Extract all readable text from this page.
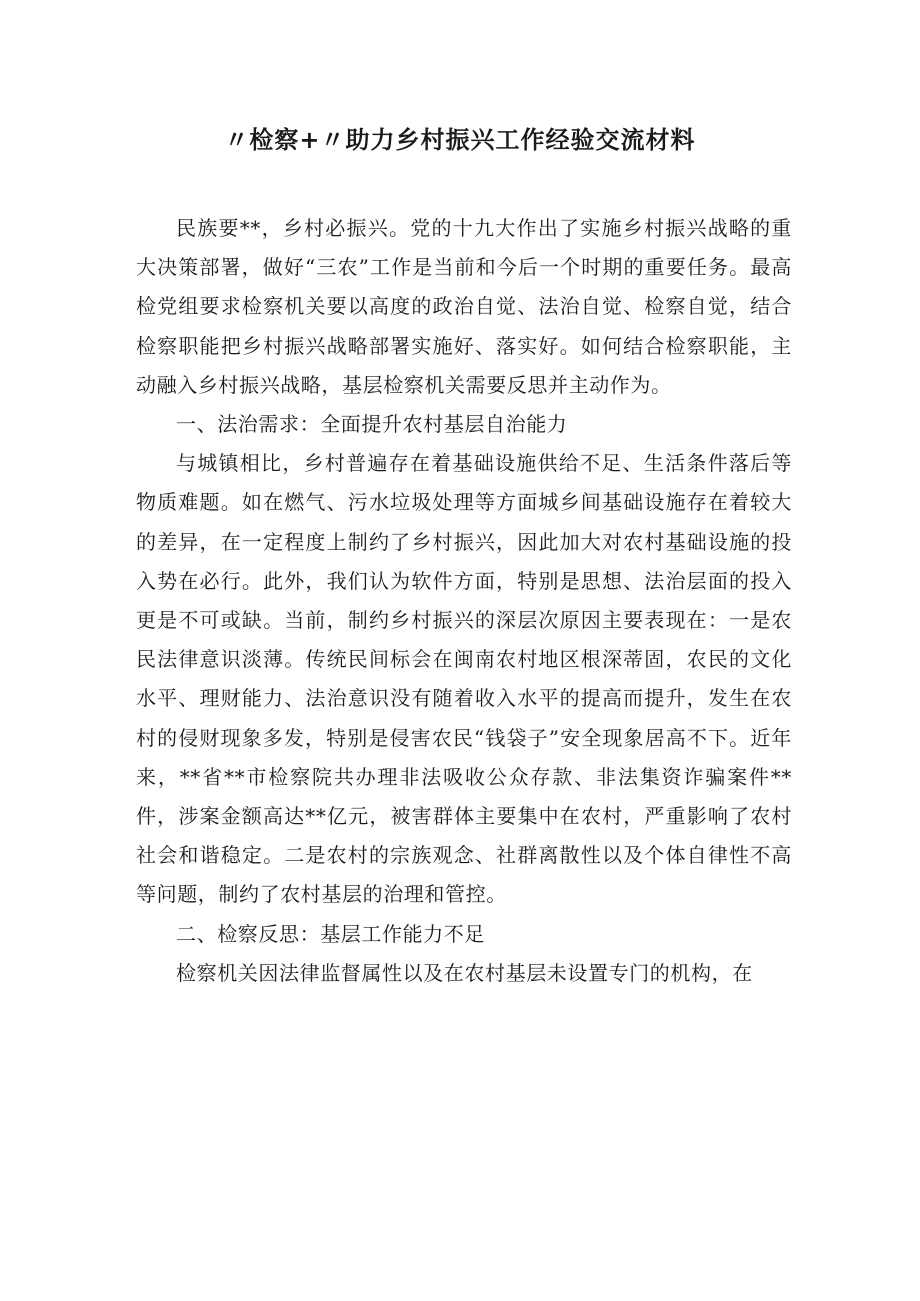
〃检察+〃助力乡村振兴工作经验交流材料

民族要**，乡村必振兴。党的十九大作出了实施乡村振兴战略的重大决策部署，做好“三农”工作是当前和今后一个时期的重要任务。最高检党组要求检察机关要以高度的政治自觉、法治自觉、检察自觉，结合检察职能把乡村振兴战略部署实施好、落实好。如何结合检察职能，主动融入乡村振兴战略，基层检察机关需要反思并主动作为。

一、法治需求：全面提升农村基层自治能力

与城镇相比，乡村普遍存在着基础设施供给不足、生活条件落后等物质难题。如在燃气、污水垃圾处理等方面城乡间基础设施存在着较大的差异，在一定程度上制约了乡村振兴，因此加大对农村基础设施的投入势在必行。此外，我们认为软件方面，特别是思想、法治层面的投入更是不可或缺。当前，制约乡村振兴的深层次原因主要表现在：一是农民法律意识淡薄。传统民间标会在闽南农村地区根深蒂固，农民的文化水平、理财能力、法治意识没有随着收入水平的提高而提升，发生在农村的侵财现象多发，特别是侵害农民“钱袋子”安全现象居高不下。近年来，**省**市检察院共办理非法吸收公众存款、非法集资诈骗案件**件，涉案金额高达**亿元，被害群体主要集中在农村，严重影响了农村社会和谐稳定。二是农村的宗族观念、社群离散性以及个体自律性不高等问题，制约了农村基层的治理和管控。

二、检察反思：基层工作能力不足

检察机关因法律监督属性以及在农村基层未设置专门的机构，在
